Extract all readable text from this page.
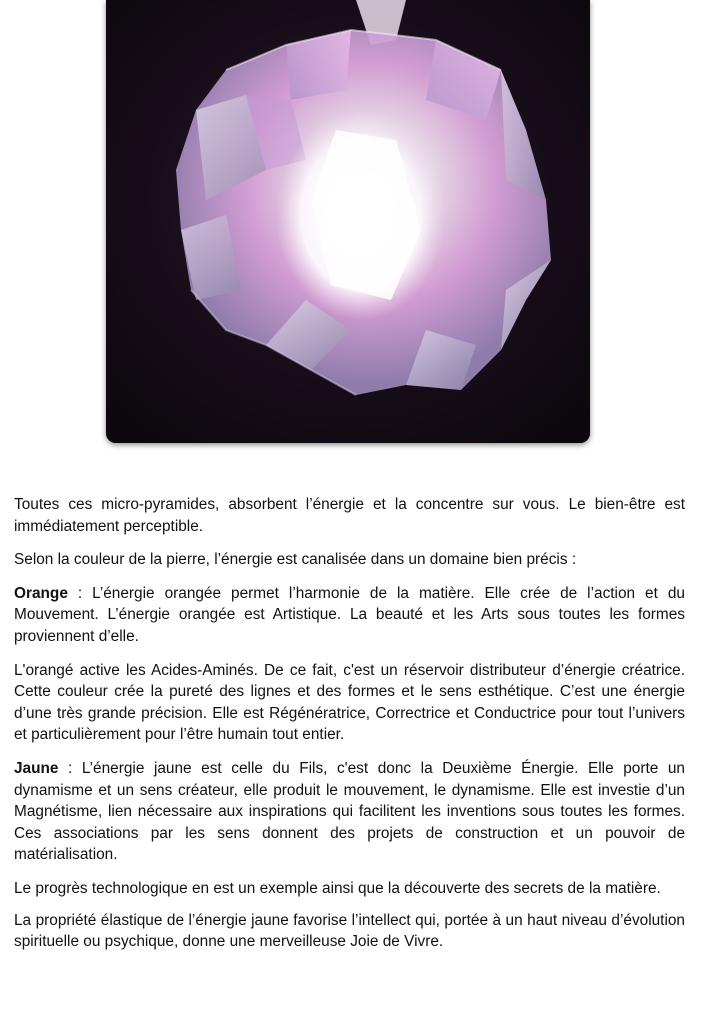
Toutes ces micro-pyramides, absorbent l’énergie et la concentre sur vous. Le bien-être est immédiatement perceptible.

Selon la couleur de la pierre, l’énergie est canalisée dans un domaine bien précis :

Orange : L’énergie orangée permet l’harmonie de la matière. Elle crée de l’action et du Mouvement. L’énergie orangée est Artistique. La beauté et les Arts sous toutes les formes proviennent d’elle.

L'orangé active les Acides-Aminés. De ce fait, c'est un réservoir distributeur d’énergie créatrice. Cette couleur crée la pureté des lignes et des formes et le sens esthétique. C’est une énergie d’une très grande précision. Elle est Régénératrice, Correctrice et Conductrice pour tout l’univers et particulièrement pour l’être humain tout entier.

Jaune : L’énergie jaune est celle du Fils, c'est donc la Deuxième Énergie. Elle porte un dynamisme et un sens créateur, elle produit le mouvement, le dynamisme. Elle est investie d’un Magnétisme, lien nécessaire aux inspirations qui facilitent les inventions sous toutes les formes. Ces associations par les sens donnent des projets de construction et un pouvoir de matérialisation.

Le progrès technologique en est un exemple ainsi que la découverte des secrets de la matière.

La propriété élastique de l’énergie jaune favorise l’intellect qui, portée à un haut niveau d’évolution spirituelle ou psychique, donne une merveilleuse Joie de Vivre.
